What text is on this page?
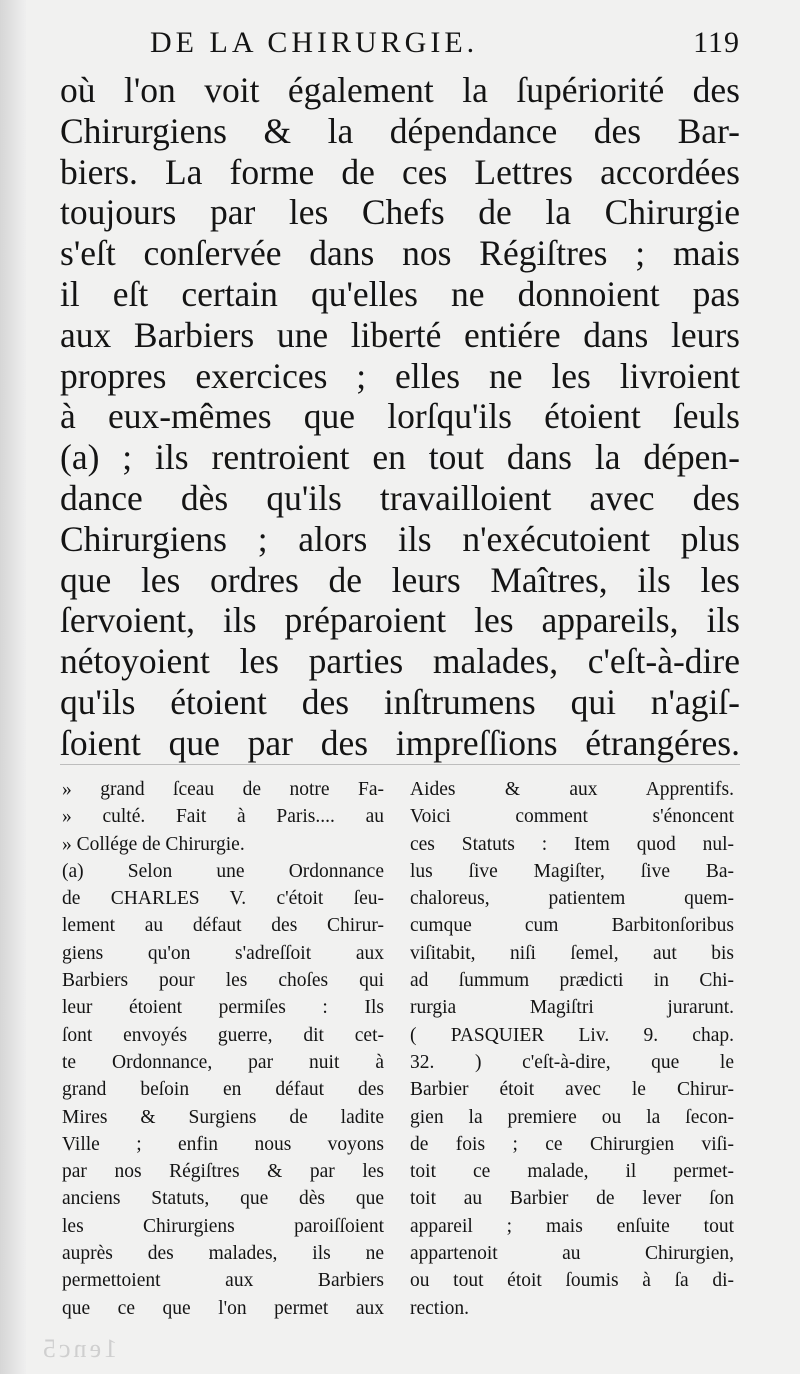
DE LA CHIRURGIE.	119
où l'on voit également la ſupériorité des
Chirurgiens & la dépendance des Bar-
biers. La forme de ces Lettres accordées
toujours par les Chefs de la Chirurgie
s'eſt conſervée dans nos Régiſtres ; mais
il eſt certain qu'elles ne donnoient pas
aux Barbiers une liberté entiére dans leurs
propres exercices ; elles ne les livroient
à eux-mêmes que lorſqu'ils étoient ſeuls
(a) ; ils rentroient en tout dans la dépen-
dance dès qu'ils travailloient avec des
Chirurgiens ; alors ils n'exécutoient plus
que les ordres de leurs Maîtres, ils les
ſervoient, ils préparoient les appareils, ils
nétoyoient les parties malades, c'eſt-à-dire
qu'ils étoient des inſtrumens qui n'agiſ-
ſoient que par des impreſſions étrangéres.
» grand ſceau de notre Fa-
» culté. Fait à Paris.... au
» Collége de Chirurgie.
(a) Selon une Ordonnance
de CHARLES V. c'étoit ſeu-
lement au défaut des Chirur-
giens qu'on s'adreſſoit aux
Barbiers pour les choſes qui
leur étoient permiſes : Ils
ſont envoyés guerre, dit cet-
te Ordonnance, par nuit à
grand beſoin en défaut des
Mires & Surgiens de ladite
Ville ; enfin nous voyons
par nos Régiſtres & par les
anciens Statuts, que dès que
les Chirurgiens paroiſſoient
auprès des malades, ils ne
permettoient aux Barbiers
que ce que l'on permet aux
Aides & aux Apprentifs.
Voici comment s'énoncent
ces Statuts : Item quod nul-
lus ſive Magiſter, ſive Ba-
chaloreus, patientem quem-
cumque cum Barbitonſoribus
viſitabit, niſi ſemel, aut bis
ad ſummum prædicti in Chi-
rurgia Magiſtri jurarunt.
( PASQUIER Liv. 9. chap.
32. ) c'eſt-à-dire, que le
Barbier étoit avec le Chirur-
gien la premiere ou la ſecon-
de fois ; ce Chirurgien viſi-
toit ce malade, il permet-
toit au Barbier de lever ſon
appareil ; mais enſuite tout
appartenoit au Chirurgien,
ou tout étoit ſoumis à ſa di-
rection.
1enc5
